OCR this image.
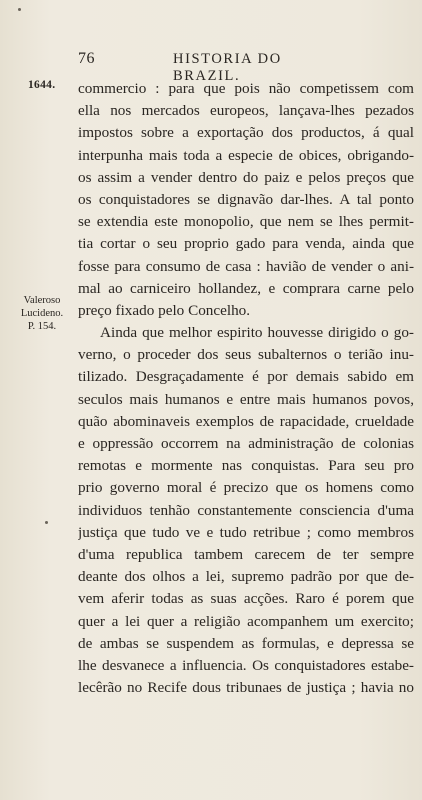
76	HISTORIA DO BRAZIL.
1644.
Valeroso
Lucideno.
P. 154.
commercio : para que pois não competissem com
ella nos mercados europeos, lançava-lhes pezados
impostos sobre a exportação dos productos, á qual
interpunha mais toda a especie de obices, obrigando-
os assim a vender dentro do paiz e pelos preços que
os conquistadores se dignavão dar-lhes. A tal ponto
se extendia este monopolio, que nem se lhes permit-
tia cortar o seu proprio gado para venda, ainda que
fosse para consumo de casa : havião de vender o ani-
mal ao carniceiro hollandez, e comprara carne pelo
preço fixado pelo Concelho.
Ainda que melhor espirito houvesse dirigido o go-
verno, o proceder dos seus subalternos o terião inu-
tilizado. Desgraçadamente é por demais sabido em
seculos mais humanos e entre mais humanos povos,
quão abominaveis exemplos de rapacidade, crueldade
e oppressão occorrem na administração de colonias
remotas e mormente nas conquistas. Para seu pro
prio governo moral é precizo que os homens como
individuos tenhão constantemente consciencia d'uma
justiça que tudo ve e tudo retribue ; como membros
d'uma republica tambem carecem de ter sempre
deante dos olhos a lei, supremo padrão por que de-
vem aferir todas as suas acções. Raro é porem que
quer a lei quer a religião acompanhem um exercito;
de ambas se suspendem as formulas, e depressa se
lhe desvanece a influencia. Os conquistadores estabe-
lecêrão no Recife dous tribunaes de justiça ; havia no
